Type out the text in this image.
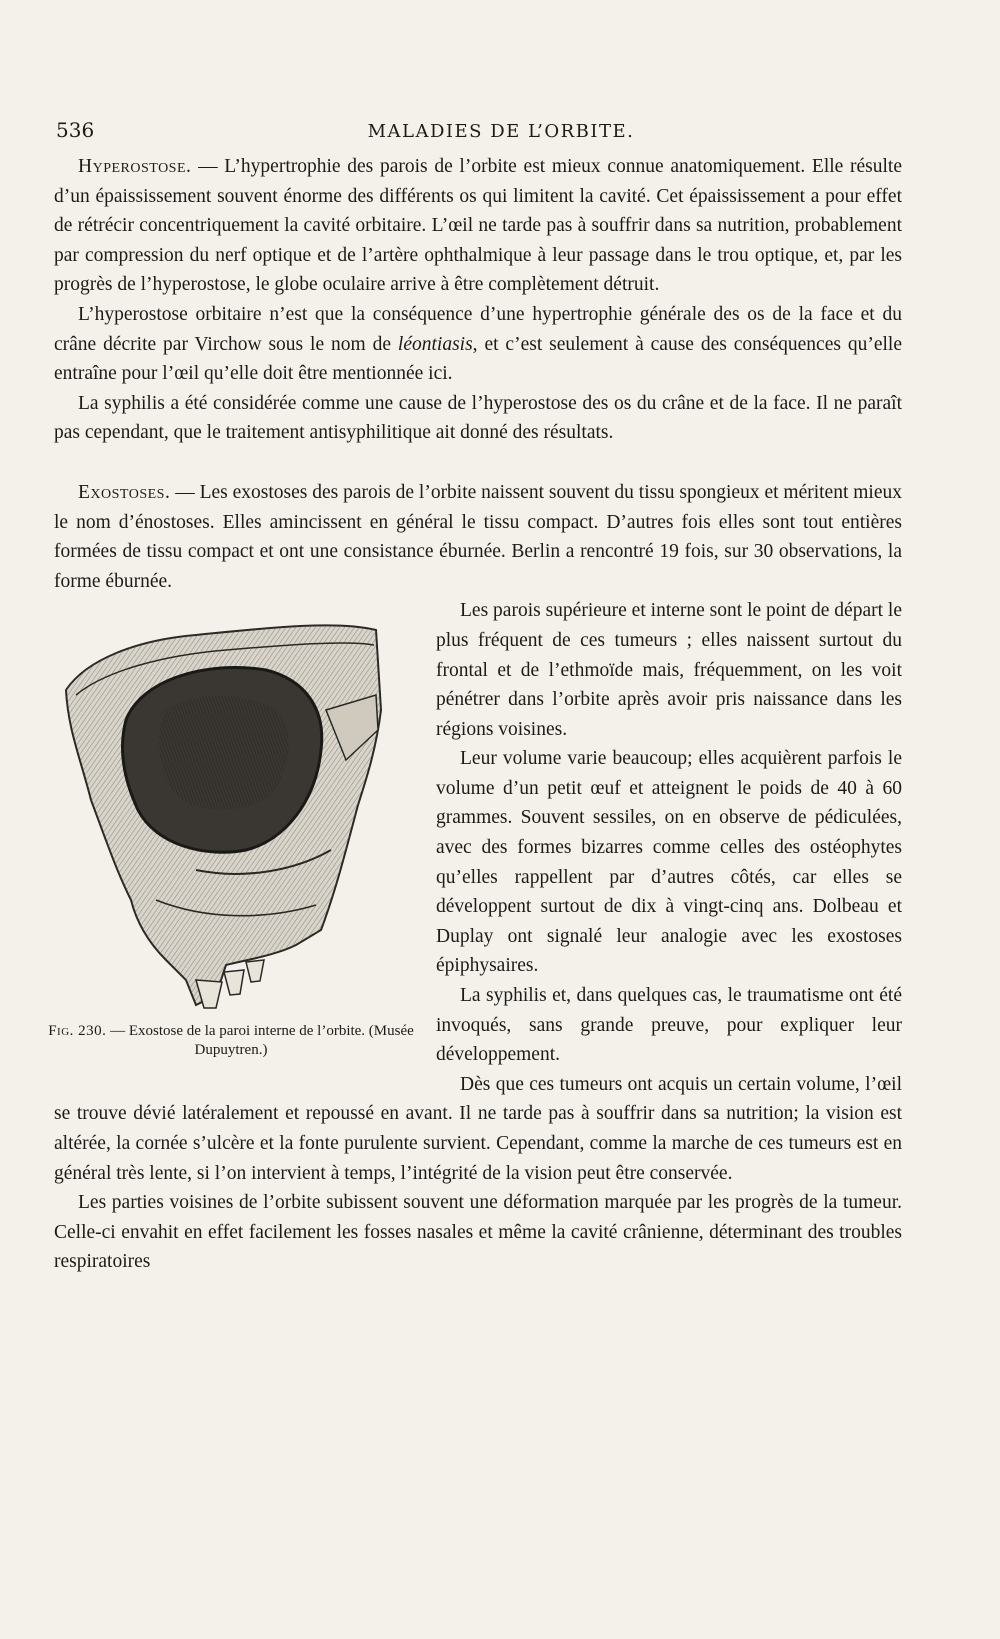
536	MALADIES DE L’ORBITE.

Hyperostose. — L’hypertrophie des parois de l’orbite est mieux connue anatomiquement. Elle résulte d’un épaississement souvent énorme des différents os qui limitent la cavité. Cet épaississement a pour effet de rétrécir concentriquement la cavité orbitaire. L’œil ne tarde pas à souffrir dans sa nutrition, probablement par compression du nerf optique et de l’artère ophthalmique à leur passage dans le trou optique, et, par les progrès de l’hyperostose, le globe oculaire arrive à être complètement détruit.

L’hyperostose orbitaire n’est que la conséquence d’une hypertrophie générale des os de la face et du crâne décrite par Virchow sous le nom de léontiasis, et c’est seulement à cause des conséquences qu’elle entraîne pour l’œil qu’elle doit être mentionnée ici.

La syphilis a été considérée comme une cause de l’hyperostose des os du crâne et de la face. Il ne paraît pas cependant, que le traitement antisyphilitique ait donné des résultats.

Exostoses. — Les exostoses des parois de l’orbite naissent souvent du tissu spongieux et méritent mieux le nom d’énostoses. Elles amincissent en général le tissu compact. D’autres fois elles sont tout entières formées de tissu compact et ont une consistance éburnée. Berlin a rencontré 19 fois, sur 30 observations, la forme éburnée.

Fig. 230. — Exostose de la paroi interne de l’orbite. (Musée Dupuytren.)

Les parois supérieure et interne sont le point de départ le plus fréquent de ces tumeurs ; elles naissent surtout du frontal et de l’ethmoïde mais, fréquemment, on les voit pénétrer dans l’orbite après avoir pris naissance dans les régions voisines.

Leur volume varie beaucoup; elles acquièrent parfois le volume d’un petit œuf et atteignent le poids de 40 à 60 grammes. Souvent sessiles, on en observe de pédiculées, avec des formes bizarres comme celles des ostéophytes qu’elles rappellent par d’autres côtés, car elles se développent surtout de dix à vingt-cinq ans. Dolbeau et Duplay ont signalé leur analogie avec les exostoses épiphysaires.

La syphilis et, dans quelques cas, le traumatisme ont été invoqués, sans grande preuve, pour expliquer leur développement.

Dès que ces tumeurs ont acquis un certain volume, l’œil se trouve dévié latéralement et repoussé en avant. Il ne tarde pas à souffrir dans sa nutrition; la vision est altérée, la cornée s’ulcère et la fonte purulente survient. Cependant, comme la marche de ces tumeurs est en général très lente, si l’on intervient à temps, l’intégrité de la vision peut être conservée.

Les parties voisines de l’orbite subissent souvent une déformation marquée par les progrès de la tumeur. Celle-ci envahit en effet facilement les fosses nasales et même la cavité crânienne, déterminant des troubles respiratoires
